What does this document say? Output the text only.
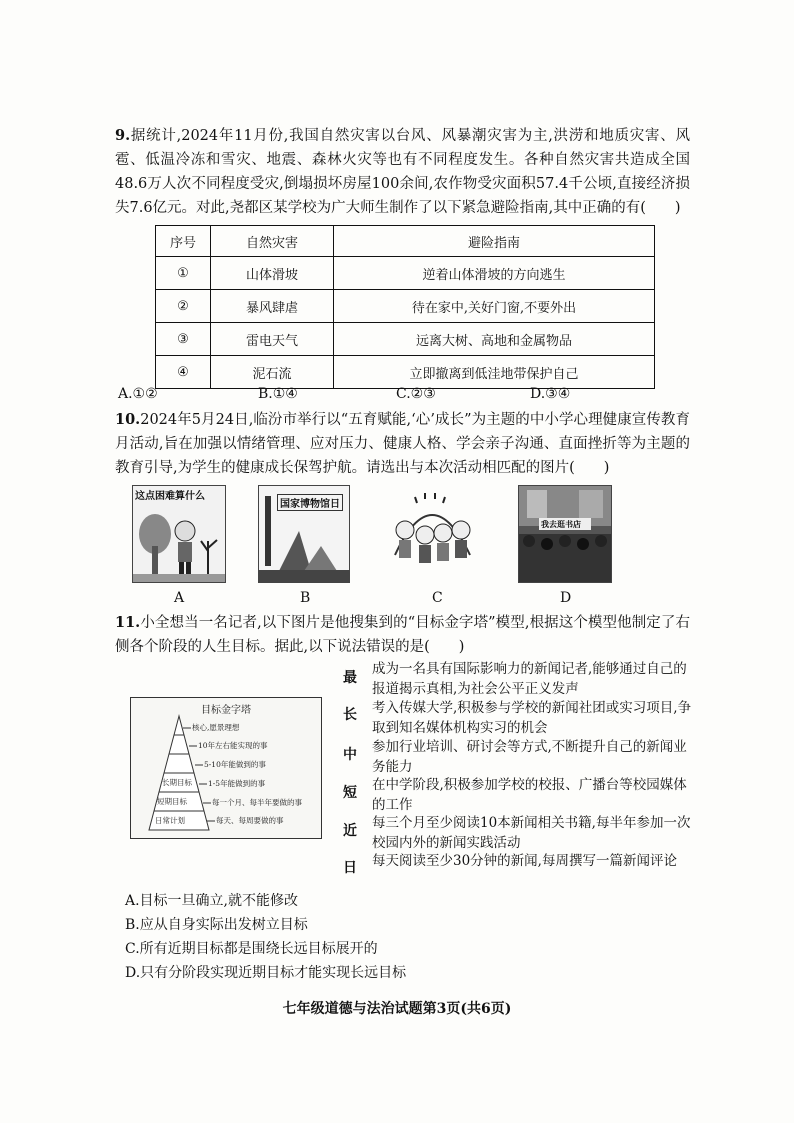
9.据统计,2024年11月份,我国自然灾害以台风、风暴潮灾害为主,洪涝和地质灾害、风雹、低温冷冻和雪灾、地震、森林火灾等也有不同程度发生。各种自然灾害共造成全国48.6万人次不同程度受灾,倒塌损坏房屋100余间,农作物受灾面积57.4千公顷,直接经济损失7.6亿元。对此,尧都区某学校为广大师生制作了以下紧急避险指南,其中正确的有(　　)
序号	自然灾害	避险指南
①	山体滑坡	逆着山体滑坡的方向逃生
②	暴风肆虐	待在家中,关好门窗,不要外出
③	雷电天气	远离大树、高地和金属物品
④	泥石流	立即撤离到低洼地带保护自己
A.①②	B.①④	C.②③	D.③④
10.2024年5月24日,临汾市举行以“五育赋能,‘心’成长”为主题的中小学心理健康宣传教育月活动,旨在加强以情绪管理、应对压力、健康人格、学会亲子沟通、直面挫折等为主题的教育引导,为学生的健康成长保驾护航。请选出与本次活动相匹配的图片(　　)
这点困难算什么
A
国家博物馆日
B	C
我去逛书店
D
11.小全想当一名记者,以下图片是他搜集到的“目标金字塔”模型,根据这个模型他制定了右侧各个阶段的人生目标。据此,以下说法错误的是(　　)
目标金字塔
核心,愿景理想
10年左右能实现的事
5-10年能做到的事
1-5年能做到的事
每一个月、每半年要做的事
每天、每周要做的事
长期目标
短期目标
日常计划
最
成为一名具有国际影响力的新闻记者,能够通过自己的报道揭示真相,为社会公平正义发声
长 考入传媒大学,积极参与学校的新闻社团或实习项目,争取到知名媒体机构实习的机会
中 参加行业培训、研讨会等方式,不断提升自己的新闻业务能力
短 在中学阶段,积极参加学校的校报、广播台等校园媒体的工作
近 每三个月至少阅读10本新闻相关书籍,每半年参加一次校园内外的新闻实践活动
日 每天阅读至少30分钟的新闻,每周撰写一篇新闻评论
A.目标一旦确立,就不能修改
B.应从自身实际出发树立目标
C.所有近期目标都是围绕长远目标展开的
D.只有分阶段实现近期目标才能实现长远目标
七年级道德与法治试题第3页(共6页)
